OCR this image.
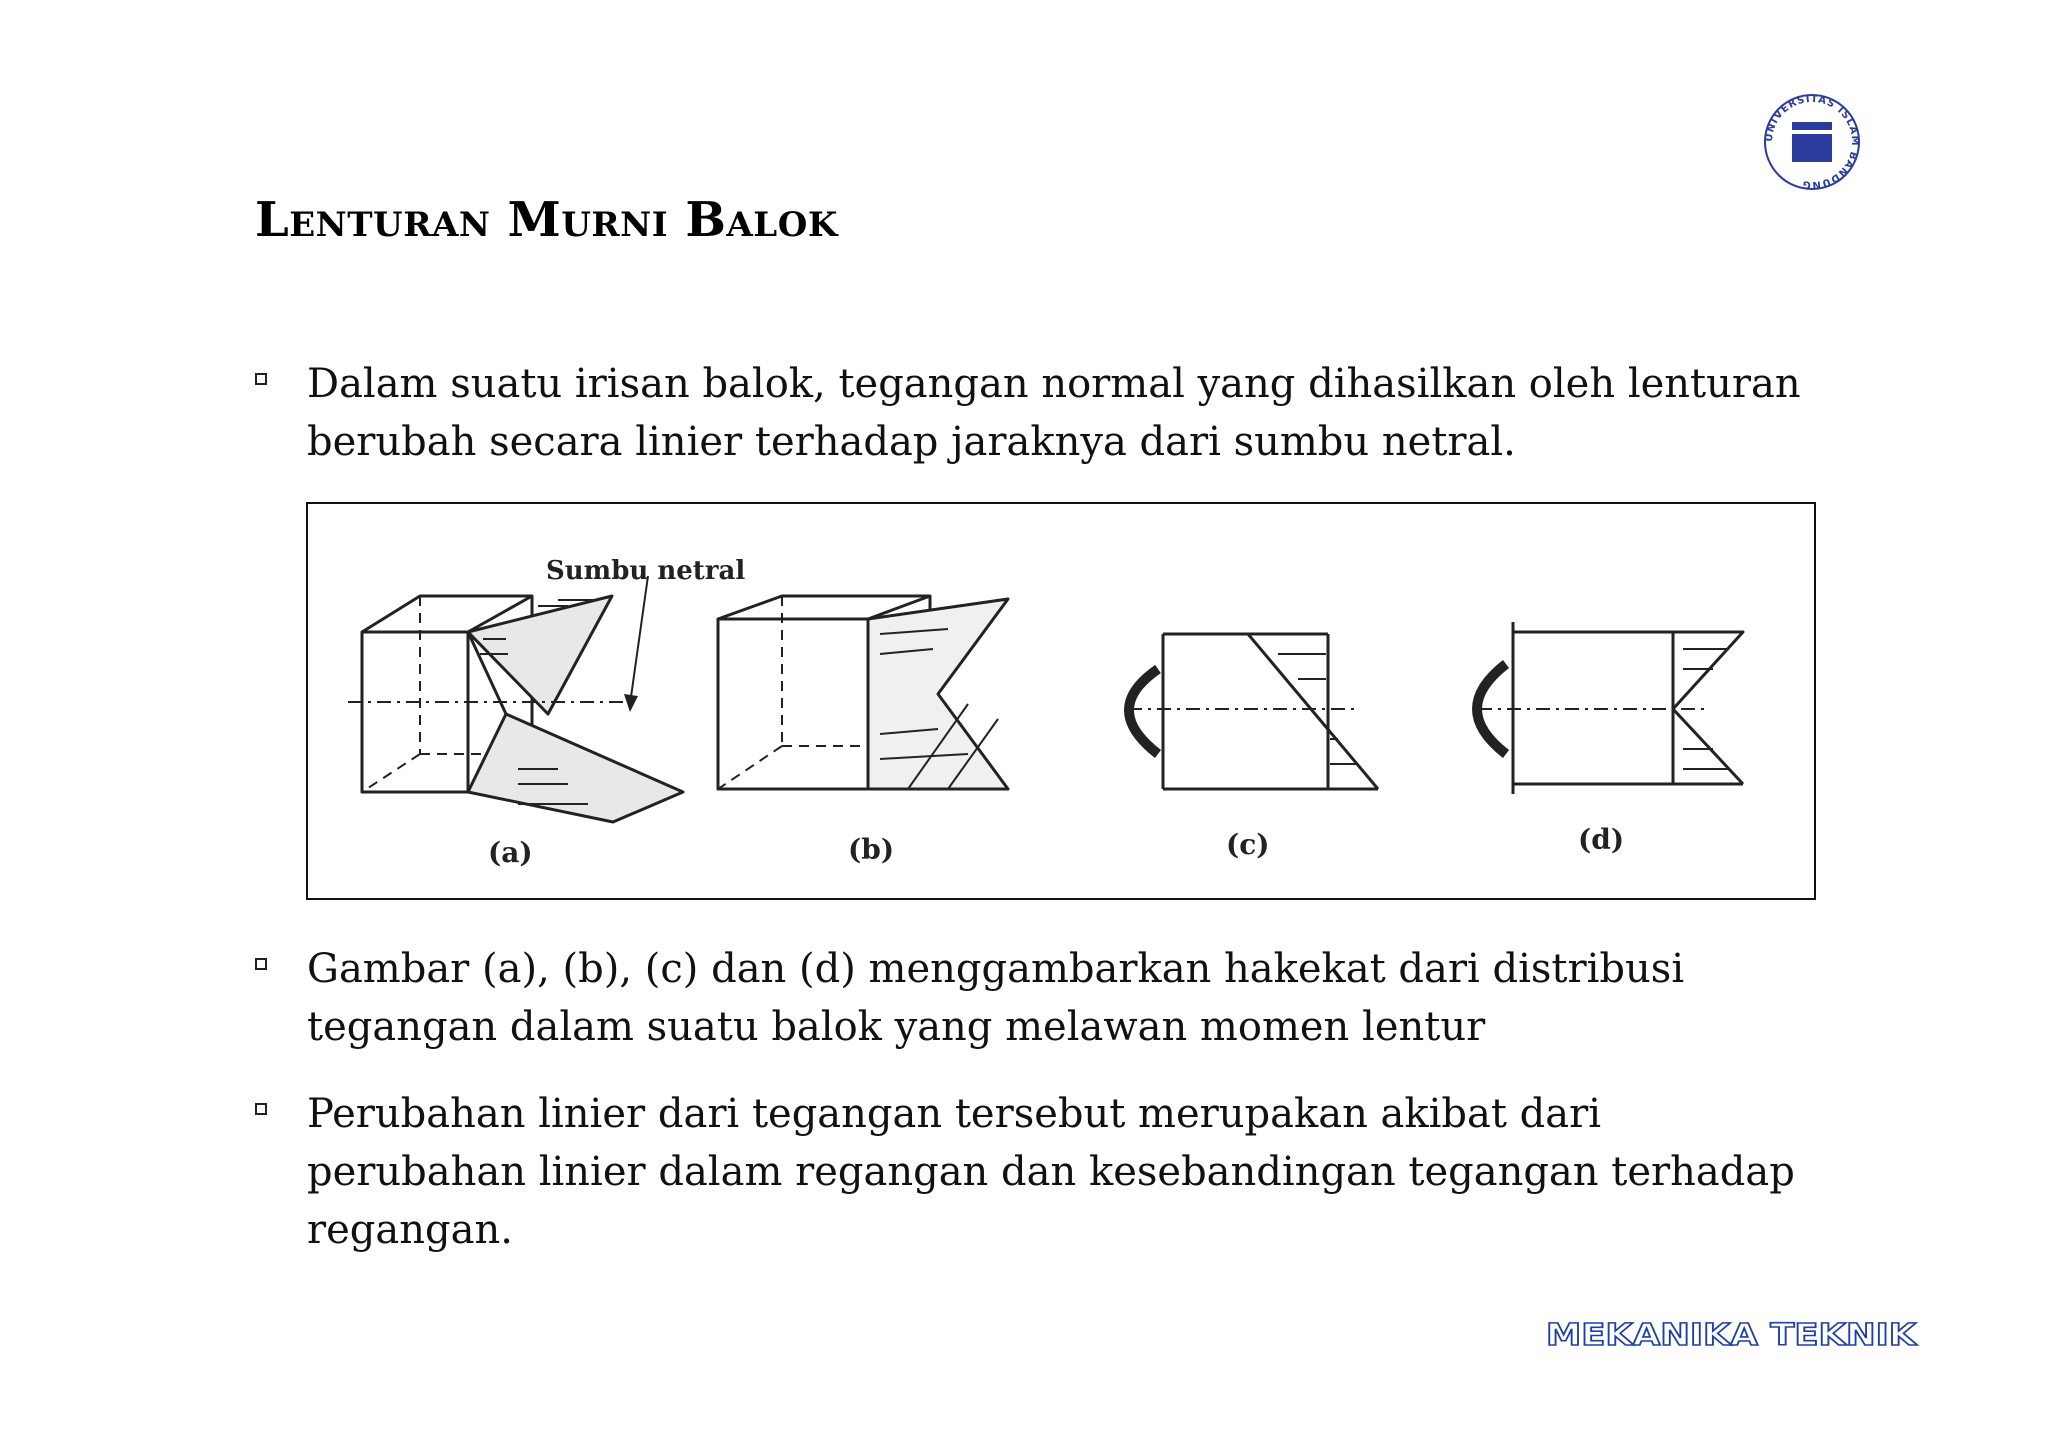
UNIVERSITAS ISLAM BANDUNG
Lenturan Murni Balok
Dalam suatu irisan balok, tegangan normal yang dihasilkan oleh lenturan berubah secara linier terhadap jaraknya dari sumbu netral.
Sumbu netral
(a)	(b)	(c)	(d)
Gambar (a), (b), (c) dan (d) menggambarkan hakekat dari distribusi tegangan dalam suatu balok yang melawan momen lentur
Perubahan linier dari tegangan tersebut merupakan akibat dari perubahan linier dalam regangan dan kesebandingan tegangan terhadap regangan.
MEKANIKA TEKNIK
